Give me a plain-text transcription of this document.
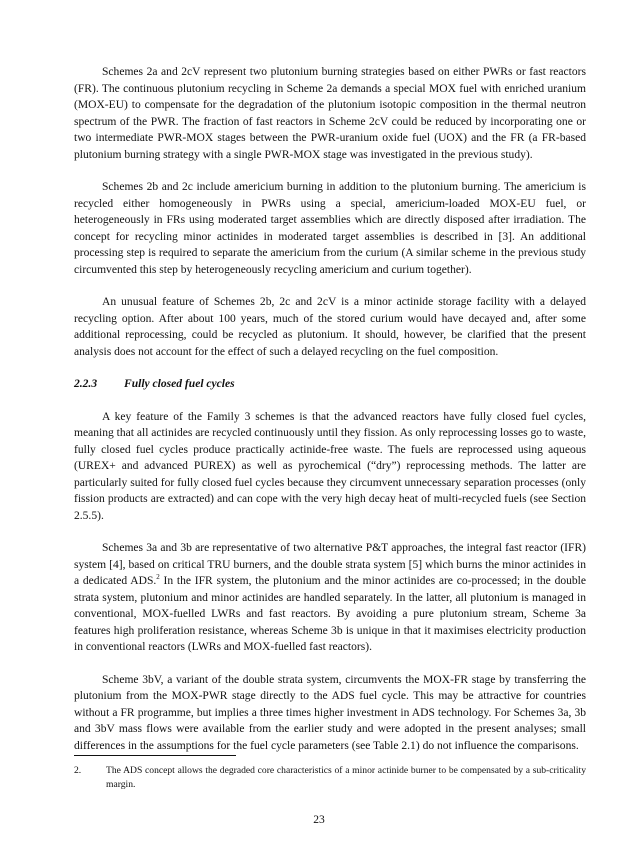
Schemes 2a and 2cV represent two plutonium burning strategies based on either PWRs or fast reactors (FR). The continuous plutonium recycling in Scheme 2a demands a special MOX fuel with enriched uranium (MOX-EU) to compensate for the degradation of the plutonium isotopic composition in the thermal neutron spectrum of the PWR. The fraction of fast reactors in Scheme 2cV could be reduced by incorporating one or two intermediate PWR-MOX stages between the PWR-uranium oxide fuel (UOX) and the FR (a FR-based plutonium burning strategy with a single PWR-MOX stage was investigated in the previous study).

Schemes 2b and 2c include americium burning in addition to the plutonium burning. The americium is recycled either homogeneously in PWRs using a special, americium-loaded MOX-EU fuel, or heterogeneously in FRs using moderated target assemblies which are directly disposed after irradiation. The concept for recycling minor actinides in moderated target assemblies is described in [3]. An additional processing step is required to separate the americium from the curium (A similar scheme in the previous study circumvented this step by heterogeneously recycling americium and curium together).

An unusual feature of Schemes 2b, 2c and 2cV is a minor actinide storage facility with a delayed recycling option. After about 100 years, much of the stored curium would have decayed and, after some additional reprocessing, could be recycled as plutonium. It should, however, be clarified that the present analysis does not account for the effect of such a delayed recycling on the fuel composition.

2.2.3 Fully closed fuel cycles

A key feature of the Family 3 schemes is that the advanced reactors have fully closed fuel cycles, meaning that all actinides are recycled continuously until they fission. As only reprocessing losses go to waste, fully closed fuel cycles produce practically actinide-free waste. The fuels are reprocessed using aqueous (UREX+ and advanced PUREX) as well as pyrochemical (“dry”) reprocessing methods. The latter are particularly suited for fully closed fuel cycles because they circumvent unnecessary separation processes (only fission products are extracted) and can cope with the very high decay heat of multi-recycled fuels (see Section 2.5.5).

Schemes 3a and 3b are representative of two alternative P&T approaches, the integral fast reactor (IFR) system [4], based on critical TRU burners, and the double strata system [5] which burns the minor actinides in a dedicated ADS.$^2$ In the IFR system, the plutonium and the minor actinides are co-processed; in the double strata system, plutonium and minor actinides are handled separately. In the latter, all plutonium is managed in conventional, MOX-fuelled LWRs and fast reactors. By avoiding a pure plutonium stream, Scheme 3a features high proliferation resistance, whereas Scheme 3b is unique in that it maximises electricity production in conventional reactors (LWRs and MOX-fuelled fast reactors).

Scheme 3bV, a variant of the double strata system, circumvents the MOX-FR stage by transferring the plutonium from the MOX-PWR stage directly to the ADS fuel cycle. This may be attractive for countries without a FR programme, but implies a three times higher investment in ADS technology. For Schemes 3a, 3b and 3bV mass flows were available from the earlier study and were adopted in the present analyses; small differences in the assumptions for the fuel cycle parameters (see Table 2.1) do not influence the comparisons.

2.	The ADS concept allows the degraded core characteristics of a minor actinide burner to be compensated by a sub-criticality margin.
23
